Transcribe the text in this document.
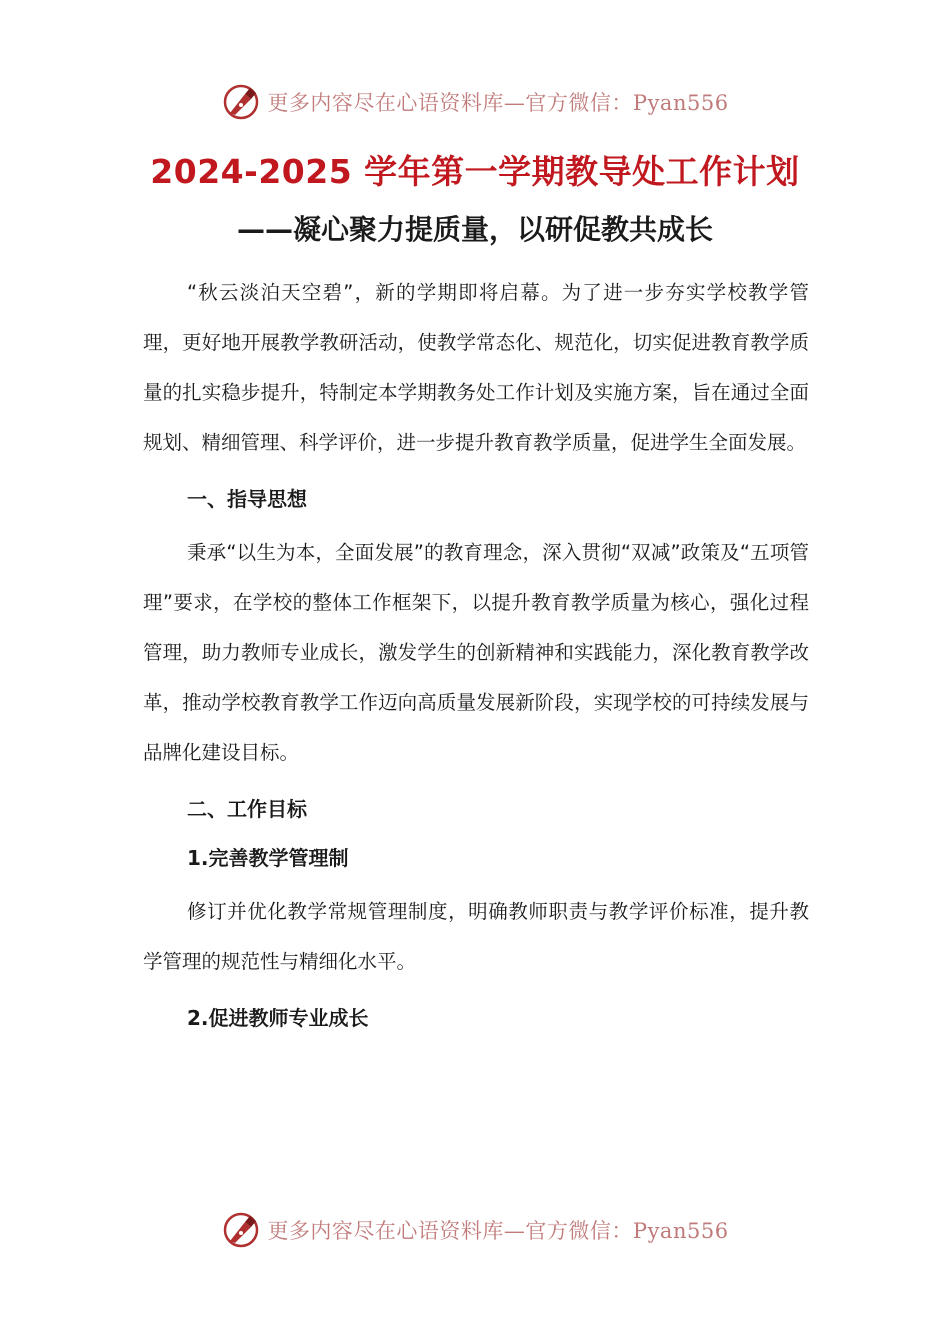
更多内容尽在心语资料库—官方微信：Pyan556
2024-2025 学年第一学期教导处工作计划
——凝心聚力提质量，以研促教共成长

“秋云淡泊天空碧”，新的学期即将启幕。为了进一步夯实学校教学管理，更好地开展教学教研活动，使教学常态化、规范化，切实促进教育教学质量的扎实稳步提升，特制定本学期教务处工作计划及实施方案，旨在通过全面规划、精细管理、科学评价，进一步提升教育教学质量，促进学生全面发展。

一、指导思想

秉承“以生为本，全面发展”的教育理念，深入贯彻“双减”政策及“五项管理”要求，在学校的整体工作框架下，以提升教育教学质量为核心，强化过程管理，助力教师专业成长，激发学生的创新精神和实践能力，深化教育教学改革，推动学校教育教学工作迈向高质量发展新阶段，实现学校的可持续发展与品牌化建设目标。

二、工作目标

1.完善教学管理制

修订并优化教学常规管理制度，明确教师职责与教学评价标准，提升教学管理的规范性与精细化水平。

2.促进教师专业成长

更多内容尽在心语资料库—官方微信：Pyan556
